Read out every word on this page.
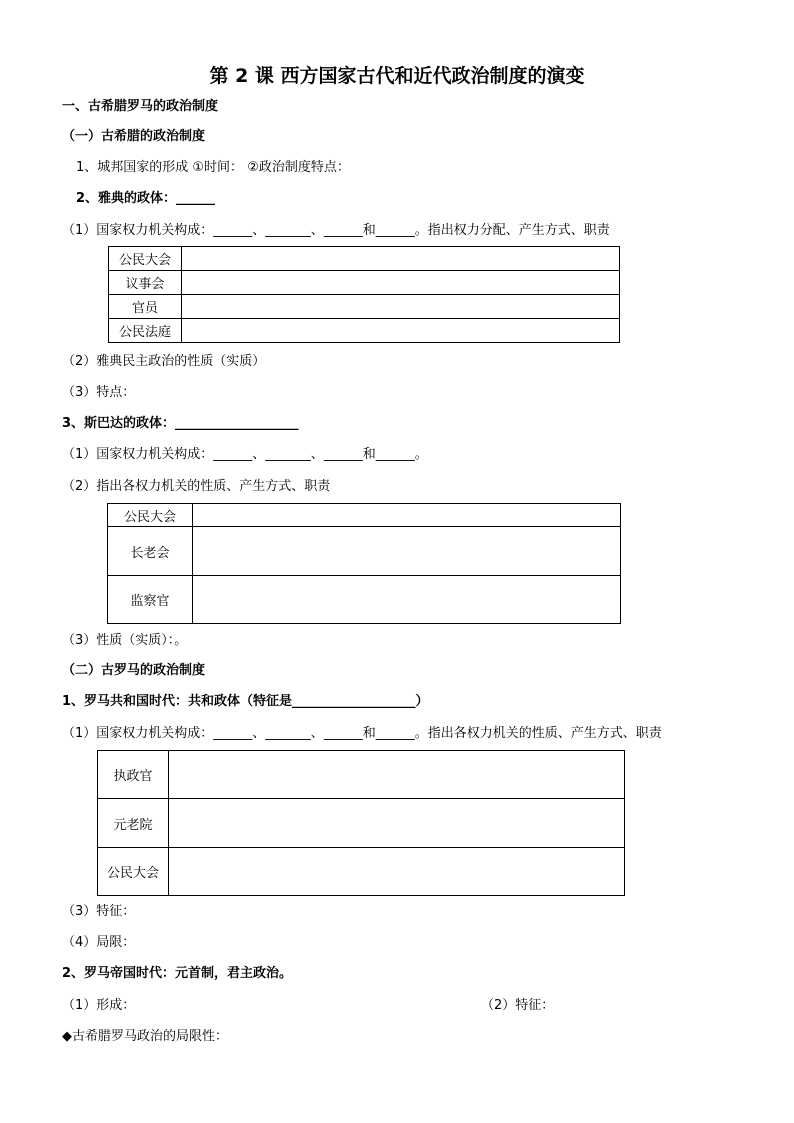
第 2 课 西方国家古代和近代政治制度的演变
一、古希腊罗马的政治制度
（一）古希腊的政治制度
1、城邦国家的形成 ①时间： ②政治制度特点：
2、雅典的政体：______
（1）国家权力机关构成：______、_______、______和______。指出权力分配、产生方式、职责
公民大会	
议事会	
官员	
公民法庭	
（2）雅典民主政治的性质（实质）
（3）特点：
3、斯巴达的政体：___________________
（1）国家权力机关构成：______、_______、______和______。
（2）指出各权力机关的性质、产生方式、职责
公民大会	
长老会	
监察官	
（3）性质（实质）：。
（二）古罗马的政治制度
1、罗马共和国时代：共和政体（特征是___________________）
（1）国家权力机关构成：______、_______、______和______。指出各权力机关的性质、产生方式、职责
执政官	
元老院	
公民大会	
（3）特征：
（4）局限：
2、罗马帝国时代：元首制，君主政治。
（1）形成：	（2）特征：
◆古希腊罗马政治的局限性：
